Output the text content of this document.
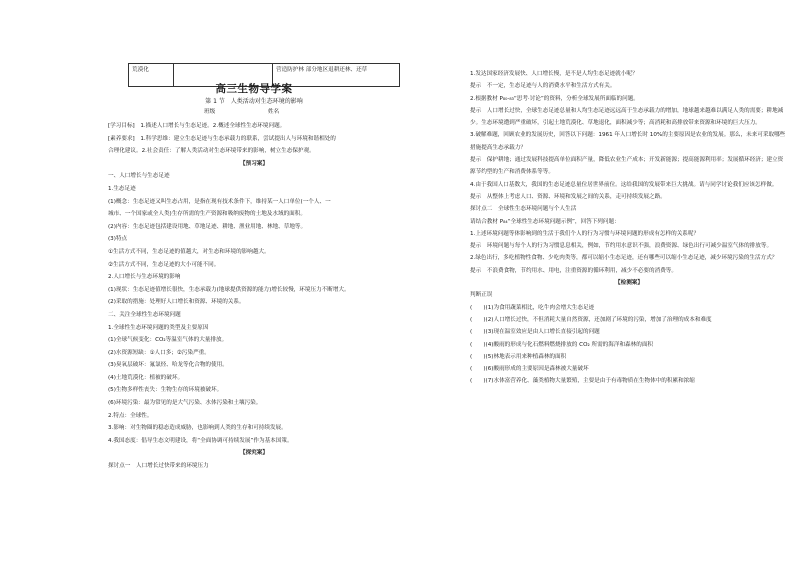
荒漠化		营造防护林 部分地区退耕还林、还草
高三生物导学案
第 1 节　人类活动对生态环境的影响
班级	姓名

[学习目标]　1.描述人口增长与生态足迹。2.概述全球性生态环境问题。

[素养要求]　1.科学思维：建立生态足迹与生态承载力的联系，尝试提出人与环境和谐相处的

合理化建议。2.社会责任：了解人类活动对生态环境带来的影响，树立生态保护观。

【预习案】

一、人口增长与生态足迹

1.生态足迹

(1)概念：生态足迹又叫生态占用，是指在现有技术条件下，维持某一人口单位(一个人、一

城市、一个国家或全人类)生存所需的生产资源和吸纳废物的土地及水域的面积。

(2)内容：生态足迹包括建设用地、草地足迹、耕地、渔业用地、林地、草地等。

(3)特点

①生活方式不同，生态足迹的值越大，对生态和环境的影响越大。

②生活方式不同，生态足迹的大小可能不同。

2.人口增长与生态环境的影响

(1)现状：生态足迹值增长很快，生态承载力(地球提供资源的能力)增长较慢，环境压力不断增大。

(2)采取的措施：处理好人口增长和资源、环境的关系。

二、关注全球性生态环境问题

1.全球性生态环境问题的类型及主要原因

(1)全球气候变化：CO₂等温室气体的大量排放。

(2)水资源短缺：①人口多；②污染严重。

(3)臭氧层破坏：氟氯烃、哈龙等化合物的使用。

(4)土地荒漠化：植被的破坏。

(5)生物多样性丧失：生物生存的环境被破坏。

(6)环境污染：最为常见的是大气污染、水体污染和土壤污染。

2.特点：全球性。

3.影响：对生物圈的稳态造成威胁，也影响到人类的生存和可持续发展。

4.我国态度：倡导生态文明建设，将“全面协调可持续发展”作为基本国策。

【探究案】

探讨点一　人口增长过快带来的环境压力

1.发达国家经济发展快、人口增长慢，是不是人均生态足迹就小呢？

提示　不一定，生态足迹与人的消费水平和生活方式有关。

2.根据教材 P₈₀-₈₃“思考·讨论”的资料，分析全球发展所面临的问题。

提示　人口增长过快，全球生态足迹总量和人均生态足迹远远高于生态承载力的增加，地球越来越难以满足人类的需要；耕地减少。生态环境遭到严重破坏，引起土地荒漠化、草地退化，面积减少等；高消耗和高排放带来资源和环境的巨大压力。

3.破解难题，回顾农业的发展历史，回答以下问题：1961 年人口增长时 10%的主要原因是农业的发展。那么，未来可采取哪些措施提高生态承载力？

提示　保护耕地；通过发展科技提高单位面积产量，降低农业生产成本；开发新能源；提高能源利用率；发展循环经济；建立资源节约型的生产和消费体系等等。

4.由于我国人口基数大，我国的生态足迹总量位居世界前位。这给我国的发展带来巨大挑战。请与同学讨论我们应该怎样做。

提示　从整体上考虑人口、资源、环境和发展之间的关系，走可持续发展之路。

探讨点二　全球性生态环境问题与个人生活

请结合教材 P₈₄“全球性生态环境问题示例”，回答下列问题：

1.上述环境问题等体影响到的生活于我们个人的行为习惯与环境问题的形成有怎样的关系呢？

提示　环境问题与每个人的行为习惯息息相关，例如，节约用水意识不强，浪费资源、绿色出行可减少温室气体的排放等。

2.绿色出行，多吃植物性食物、少吃肉类等，都可以缩小生态足迹，还有哪些可以缩小生态足迹，减少环境污染的生活方式？

提示　不浪费食物，节约用水、用电，注重资源的循环利用，减少不必要的消费等。

【检测案】

判断正误

(　　)(1)为食用蔬菜相比，吃牛肉会增大生态足迹

(　　)(2)人口增长过快，不但消耗大量自然资源，还加剧了环境的污染，增加了治理的成本和难度

(　　)(3)现在温室效应是由人口增长直接引起的问题

(　　)(4)酸雨的形成与化石燃料燃烧排放的 CO₂ 所需的海洋和森林的面积

(　　)(5)林地表示用来种植森林的面积

(　　)(6)酸雨形成的主要原因是森林被大量破坏

(　　)(7)水体富营养化、藻类植物大量繁殖，主要是由于有毒物质在生物体中的积累和浓缩
